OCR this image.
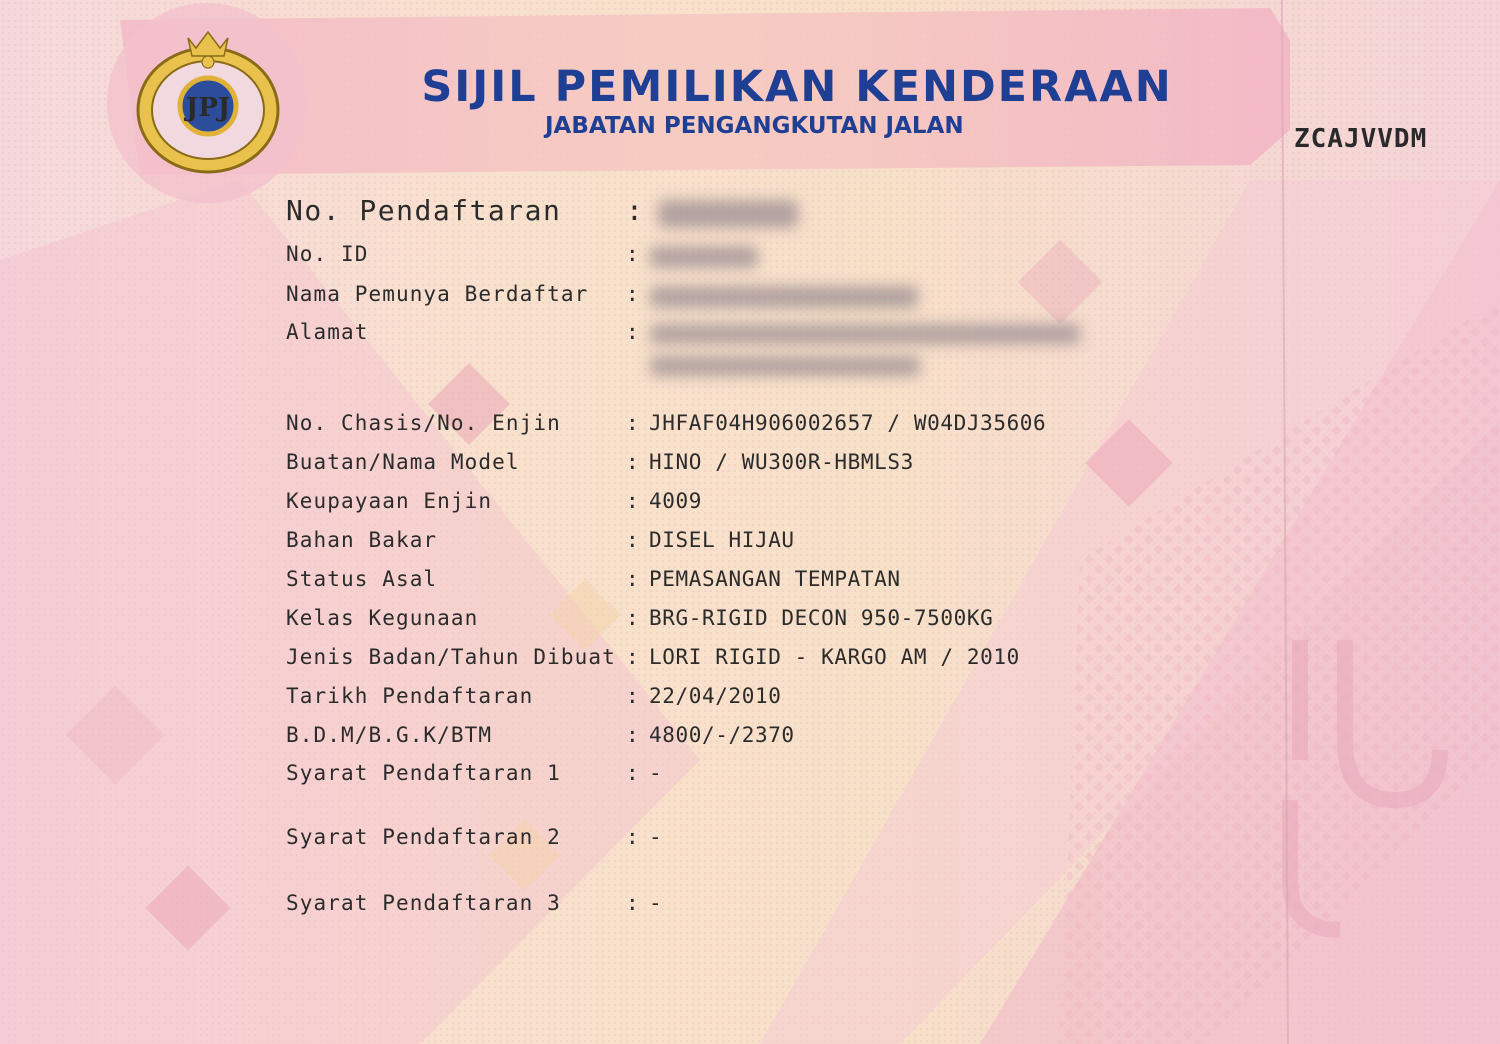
JPJ	SIJIL PEMILIKAN KENDERAAN
JABATAN PENGANGKUTAN JALAN	ZCAJVVDM
No. Pendaftaran :
No. ID	:
Nama Pemunya Berdaftar :
Alamat	:
No. Chasis/No. Enjin	: JHFAF04H906002657 / W04DJ35606
Buatan/Nama Model	: HINO / WU300R-HBMLS3
Keupayaan Enjin	: 4009
Bahan Bakar	: DISEL HIJAU
Status Asal	: PEMASANGAN TEMPATAN
Kelas Kegunaan	: BRG-RIGID DECON 950-7500KG
Jenis Badan/Tahun Dibuat : LORI RIGID - KARGO AM / 2010
Tarikh Pendaftaran	: 22/04/2010
B.D.M/B.G.K/BTM	: 4800/-/2370
Syarat Pendaftaran 1	: -
Syarat Pendaftaran 2	: -
Syarat Pendaftaran 3	: -
